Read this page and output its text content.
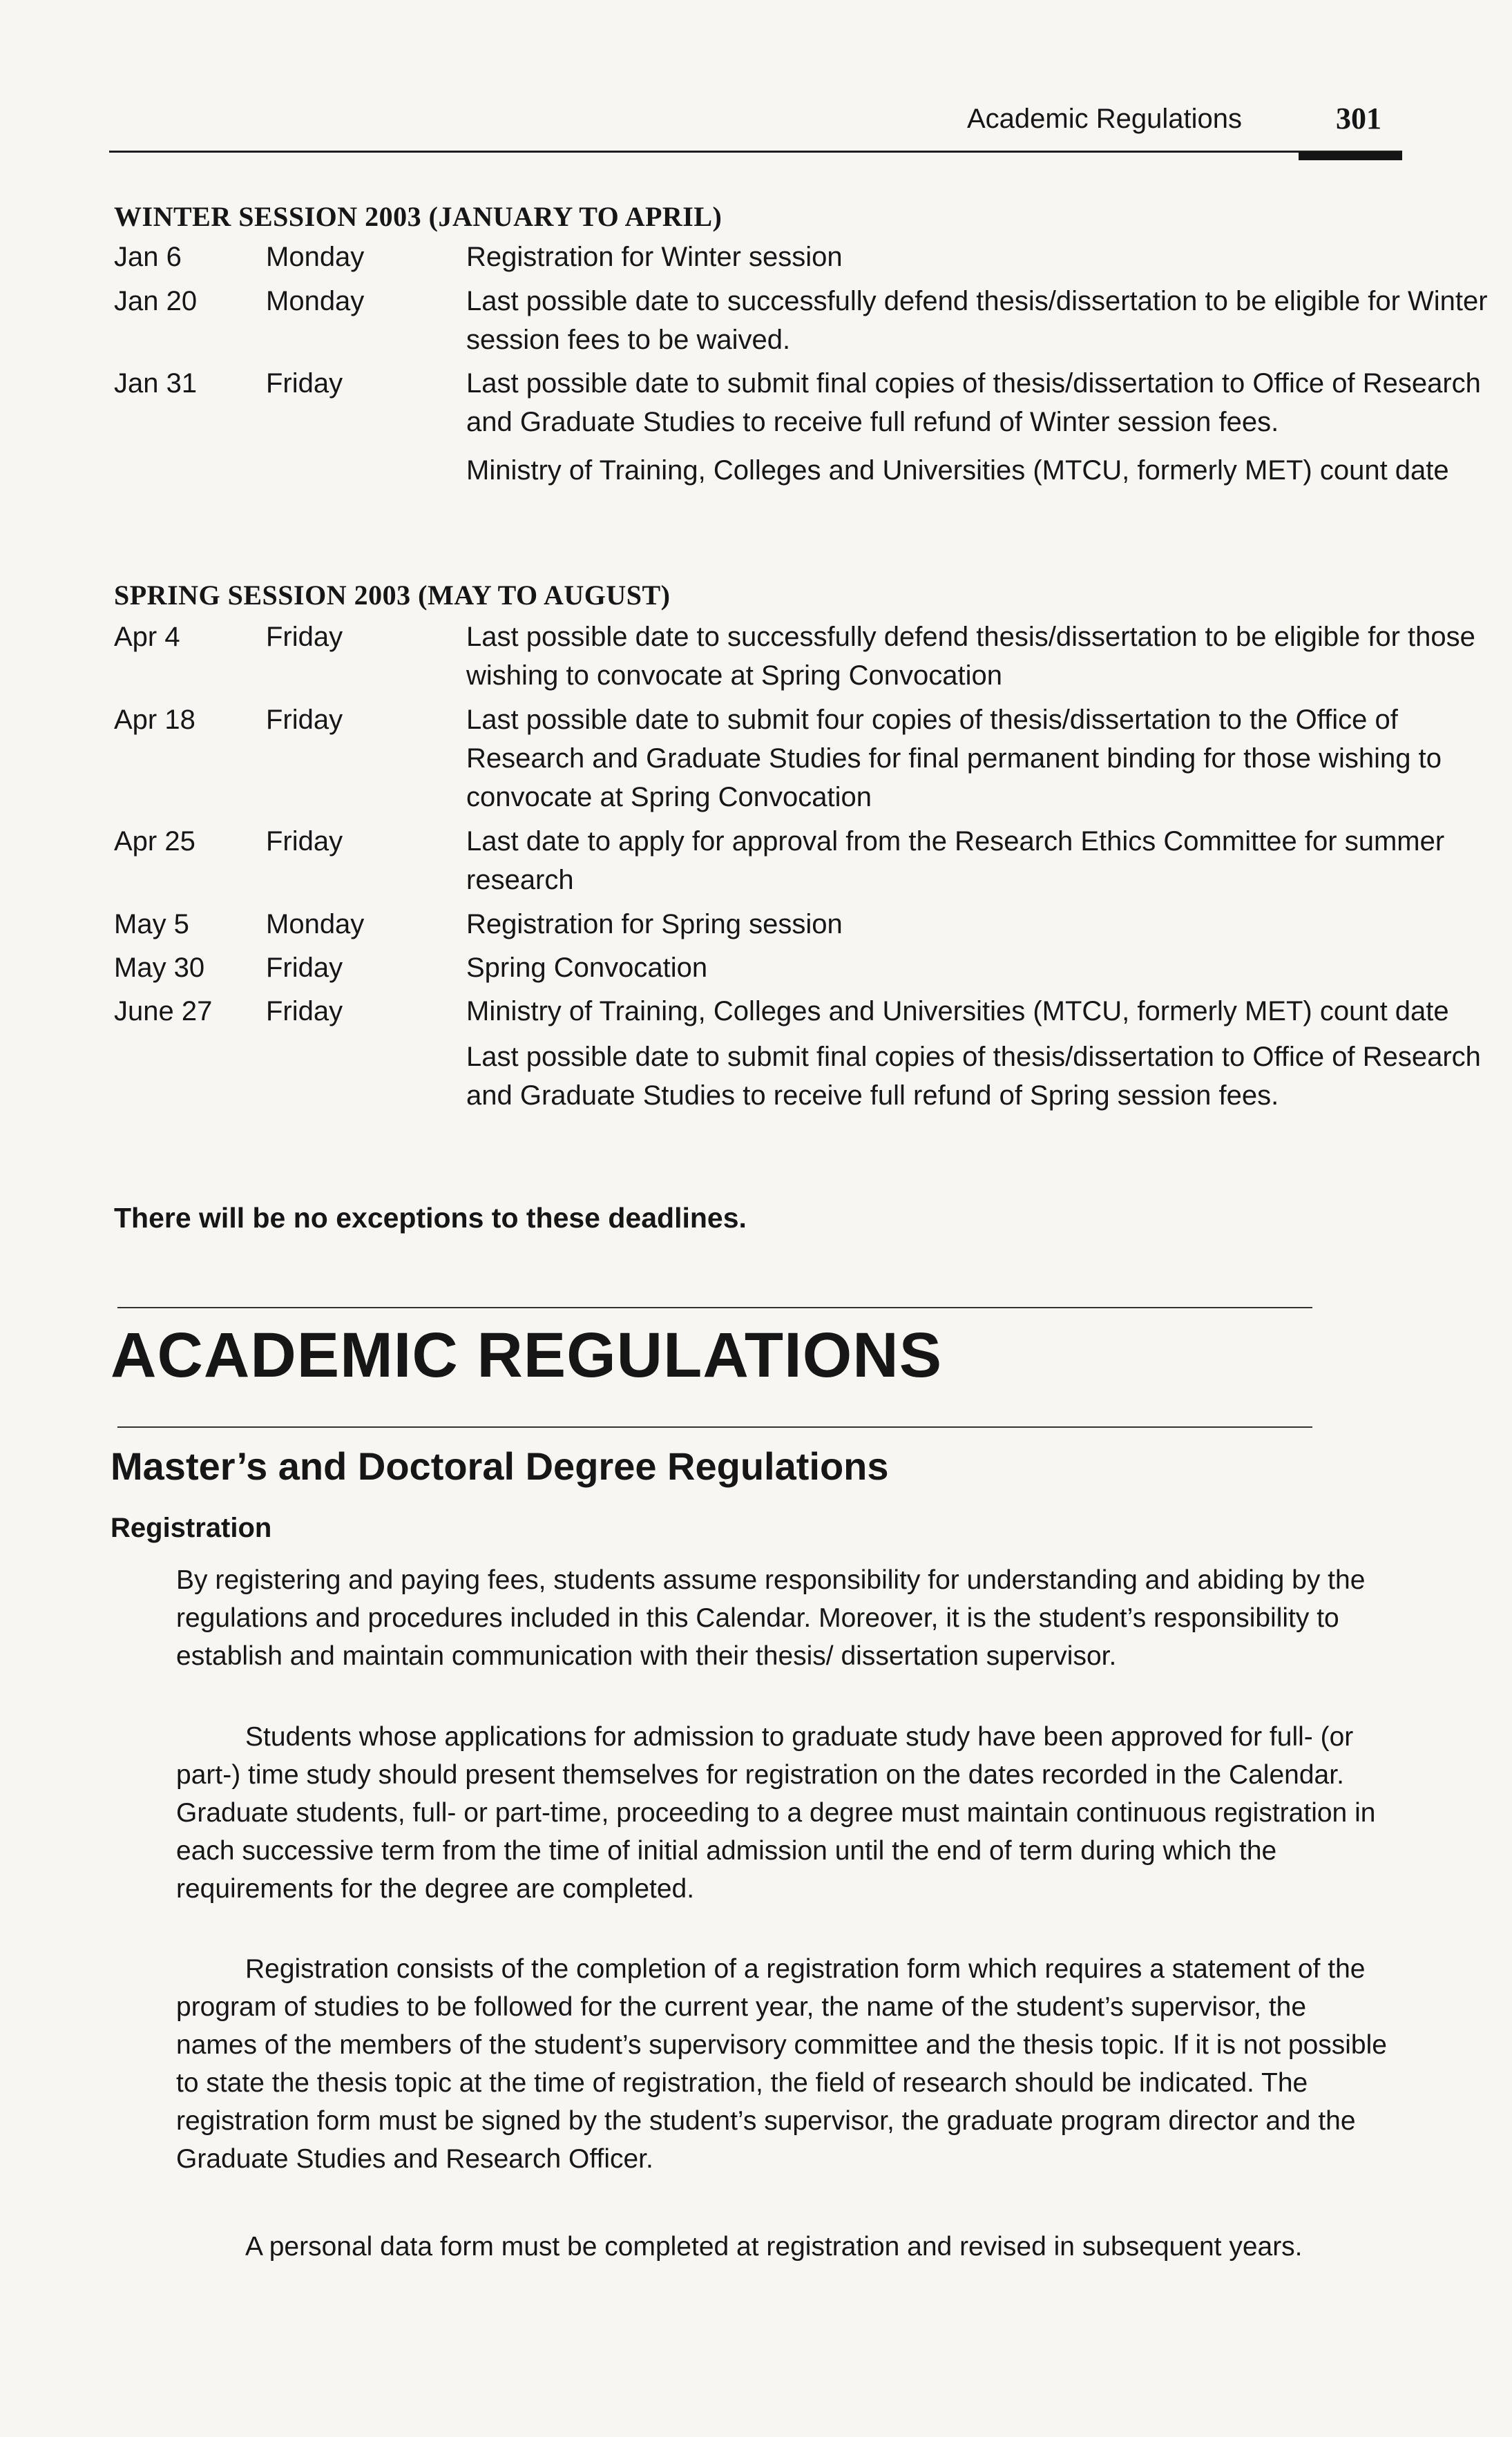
Academic Regulations	301
WINTER SESSION 2003 (JANUARY TO APRIL)
Jan 6	Monday	Registration for Winter session

Jan 20	Monday	Last possible date to successfully defend thesis/dissertation to be eligible for Winter session fees to be waived.

Jan 31	Friday	Last possible date to submit final copies of thesis/dissertation to Office of Research and Graduate Studies to receive full refund of Winter session fees.

Ministry of Training, Colleges and Universities (MTCU, formerly MET) count date

SPRING SESSION 2003 (MAY TO AUGUST)
Apr 4	Friday	Last possible date to successfully defend thesis/dissertation to be eligible for those wishing to convocate at Spring Convocation

Apr 18	Friday	Last possible date to submit four copies of thesis/dissertation to the Office of Research and Graduate Studies for final permanent binding for those wishing to convocate at Spring Convocation

Apr 25	Friday	Last date to apply for approval from the Research Ethics Committee for summer research

May 5	Monday	Registration for Spring session

May 30	Friday	Spring Convocation

June 27	Friday	Ministry of Training, Colleges and Universities (MTCU, formerly MET) count date

Last possible date to submit final copies of thesis/dissertation to Office of Research and Graduate Studies to receive full refund of Spring session fees.

There will be no exceptions to these deadlines.
ACADEMIC REGULATIONS
Master’s and Doctoral Degree Regulations
Registration

By registering and paying fees, students assume responsibility for understanding and abiding by the regulations and procedures included in this Calendar. Moreover, it is the student’s responsibility to establish and maintain communication with their thesis/ dissertation supervisor.

Students whose applications for admission to graduate study have been approved for full- (or part-) time study should present themselves for registration on the dates recorded in the Calendar. Graduate students, full- or part-time, proceeding to a degree must maintain continuous registration in each successive term from the time of initial admission until the end of term during which the requirements for the degree are completed.

Registration consists of the completion of a registration form which requires a statement of the program of studies to be followed for the current year, the name of the student’s supervisor, the names of the members of the student’s supervisory committee and the thesis topic. If it is not possible to state the thesis topic at the time of registration, the field of research should be indicated. The registration form must be signed by the student’s supervisor, the graduate program director and the Graduate Studies and Research Officer.

A personal data form must be completed at registration and revised in subsequent years.
